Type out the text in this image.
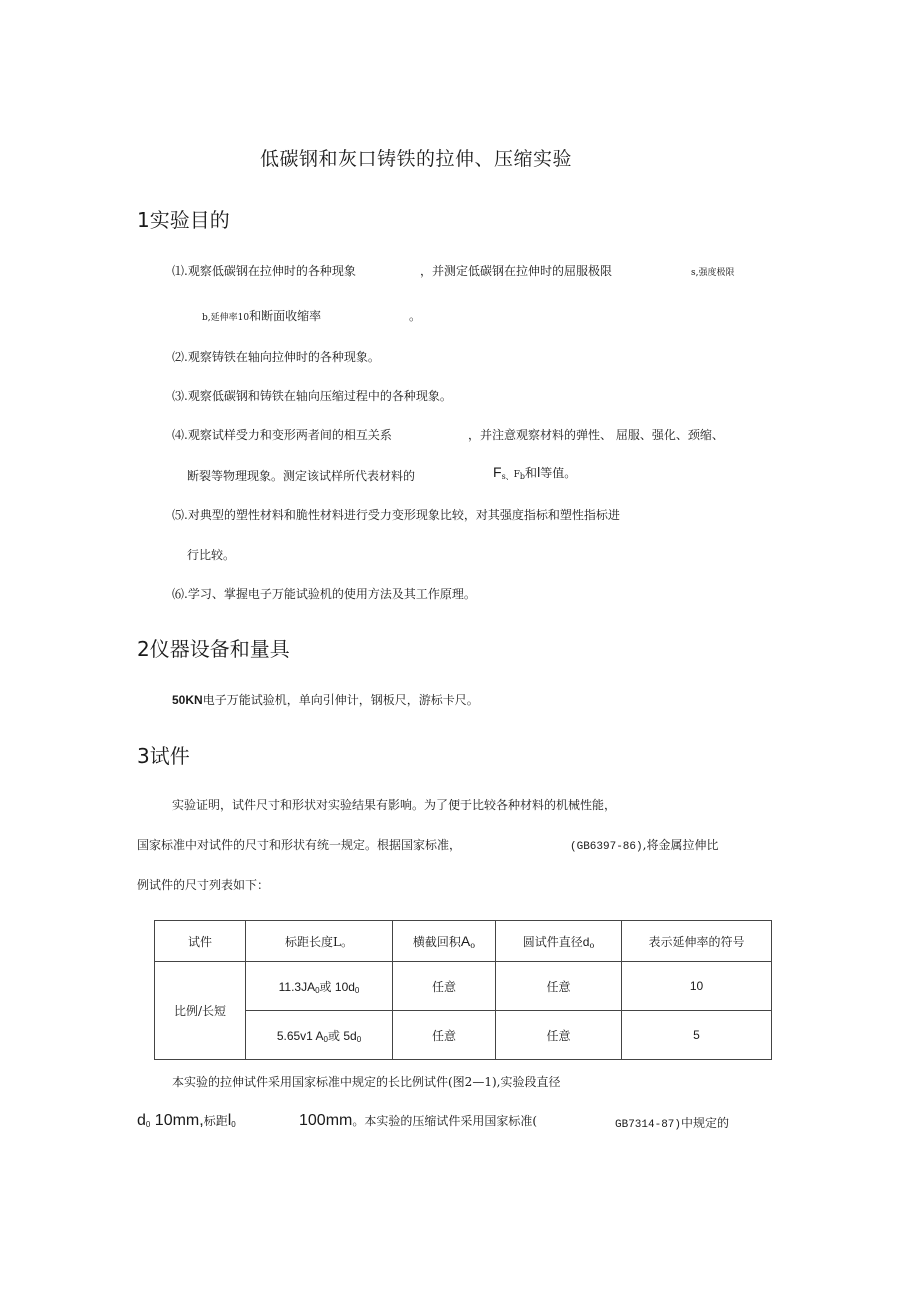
低碳钢和灰口铸铁的拉伸、压缩实验
1实验目的
⑴.观察低碳钢在拉伸时的各种现象	，并测定低碳钢在拉伸时的屈服极限	s,强度极限
b,延伸率10和断面收缩率	。
⑵.观察铸铁在轴向拉伸时的各种现象。
⑶.观察低碳钢和铸铁在轴向压缩过程中的各种现象。
⑷.观察试样受力和变形两者间的相互关系	，并注意观察材料的弹性、 屈服、强化、颈缩、
断裂等物理现象。测定该试样所代表材料的	$F_{s、}F_b$和l等值。
⑸.对典型的塑性材料和脆性材料进行受力变形现象比较，对其强度指标和塑性指标进
行比较。
⑹.学习、掌握电子万能试验机的使用方法及其工作原理。
2仪器设备和量具
50KN电子万能试验机，单向引伸计，钢板尺，游标卡尺。
3试件
实验证明，试件尺寸和形状对实验结果有影响。为了便于比较各种材料的机械性能，
国家标准中对试件的尺寸和形状有统一规定。根据国家标准，	(GB6397-86),将金属拉伸比
例试件的尺寸列表如下：
试件	标距长度L。	横截回积$A_o$	圆试件直径$d_o$	表示延伸率的符号
比例/长短	$11.3JA_0$或 $10d_0$	任意	任意	10
	5.65v1 $A_0$或 $5d_0$	任意	任意	5
本实验的拉伸试件采用国家标准中规定的长比例试件(图2—1),实验段直径
$d_0$ 10mm,标距$l_0$	100mm。本实验的压缩试件采用国家标准(	GB7314-87)中规定的
